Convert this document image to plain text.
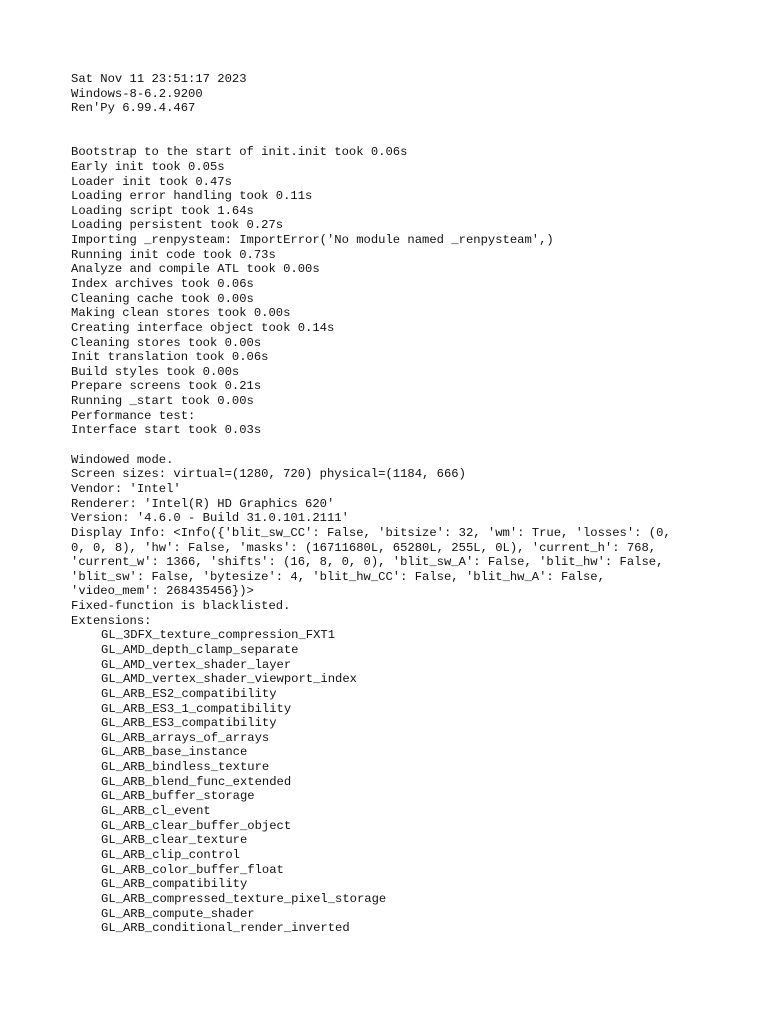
Sat Nov 11 23:51:17 2023
Windows-8-6.2.9200
Ren'Py 6.99.4.467
Bootstrap to the start of init.init took 0.06s
Early init took 0.05s
Loader init took 0.47s
Loading error handling took 0.11s
Loading script took 1.64s
Loading persistent took 0.27s
Importing _renpysteam: ImportError('No module named _renpysteam',)
Running init code took 0.73s
Analyze and compile ATL took 0.00s
Index archives took 0.06s
Cleaning cache took 0.00s
Making clean stores took 0.00s
Creating interface object took 0.14s
Cleaning stores took 0.00s
Init translation took 0.06s
Build styles took 0.00s
Prepare screens took 0.21s
Running _start took 0.00s
Performance test:
Interface start took 0.03s
Windowed mode.
Screen sizes: virtual=(1280, 720) physical=(1184, 666)
Vendor: 'Intel'
Renderer: 'Intel(R) HD Graphics 620'
Version: '4.6.0 - Build 31.0.101.2111'
Display Info: <Info({'blit_sw_CC': False, 'bitsize': 32, 'wm': True, 'losses': (0,
0, 0, 8), 'hw': False, 'masks': (16711680L, 65280L, 255L, 0L), 'current_h': 768,
'current_w': 1366, 'shifts': (16, 8, 0, 0), 'blit_sw_A': False, 'blit_hw': False,
'blit_sw': False, 'bytesize': 4, 'blit_hw_CC': False, 'blit_hw_A': False,
'video_mem': 268435456})>
Fixed-function is blacklisted.
Extensions:
GL_3DFX_texture_compression_FXT1
GL_AMD_depth_clamp_separate
GL_AMD_vertex_shader_layer
GL_AMD_vertex_shader_viewport_index
GL_ARB_ES2_compatibility
GL_ARB_ES3_1_compatibility
GL_ARB_ES3_compatibility
GL_ARB_arrays_of_arrays
GL_ARB_base_instance
GL_ARB_bindless_texture
GL_ARB_blend_func_extended
GL_ARB_buffer_storage
GL_ARB_cl_event
GL_ARB_clear_buffer_object
GL_ARB_clear_texture
GL_ARB_clip_control
GL_ARB_color_buffer_float
GL_ARB_compatibility
GL_ARB_compressed_texture_pixel_storage
GL_ARB_compute_shader
GL_ARB_conditional_render_inverted
